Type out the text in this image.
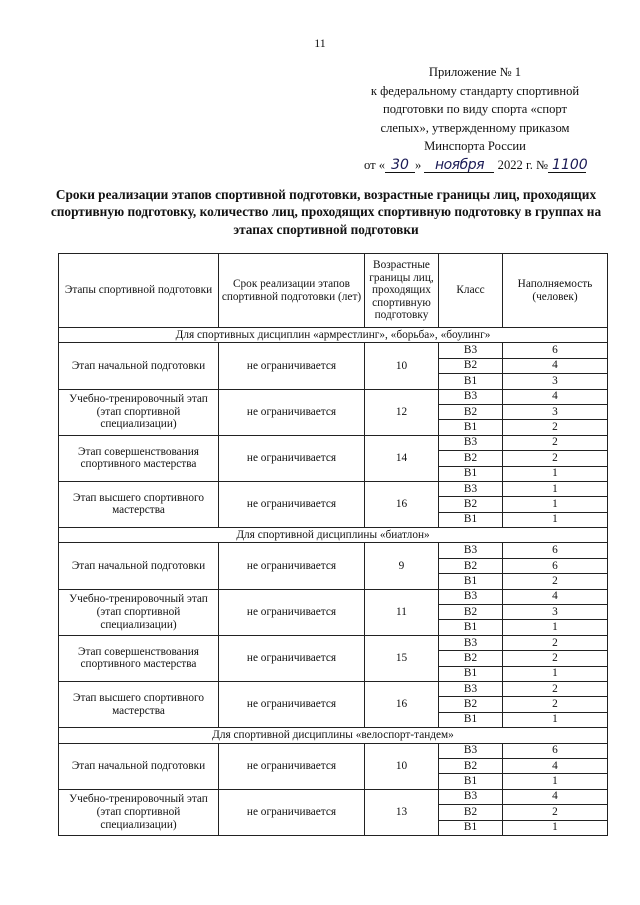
11
Приложение № 1
к федеральному стандарту спортивной
подготовки по виду спорта «спорт
слепых», утвержденному приказом
Минспорта России
от « 30 » ноября 2022 г. № 1100
Сроки реализации этапов спортивной подготовки, возрастные границы лиц, проходящих спортивную подготовку, количество лиц, проходящих спортивную подготовку в группах на этапах спортивной подготовки
Этапы спортивной подготовки	Срок реализации этапов спортивной подготовки (лет)	Возрастные границы лиц, проходящих спортивную подготовку	Класс	Наполняемость (человек)
Для спортивных дисциплин «армрестлинг», «борьба», «боулинг»				
Этап начальной подготовки	не ограничивается	10	В3	6
			В2	4
			В1	3
Учебно-тренировочный этап (этап спортивной специализации)	не ограничивается	12	В3	4
			В2	3
			В1	2
Этап совершенствования спортивного мастерства	не ограничивается	14	В3	2
			В2	2
			В1	1
Этап высшего спортивного мастерства	не ограничивается	16	В3	1
			В2	1
			В1	1
Для спортивной дисциплины «биатлон»				
Этап начальной подготовки	не ограничивается	9	В3	6
			В2	6
			В1	2
Учебно-тренировочный этап (этап спортивной специализации)	не ограничивается	11	В3	4
			В2	3
			В1	1
Этап совершенствования спортивного мастерства	не ограничивается	15	В3	2
			В2	2
			В1	1
Этап высшего спортивного мастерства	не ограничивается	16	В3	2
			В2	2
			В1	1
Для спортивной дисциплины «велоспорт-тандем»				
Этап начальной подготовки	не ограничивается	10	В3	6
			В2	4
			В1	1
Учебно-тренировочный этап (этап спортивной специализации)	не ограничивается	13	В3	4
			В2	2
			В1	1
